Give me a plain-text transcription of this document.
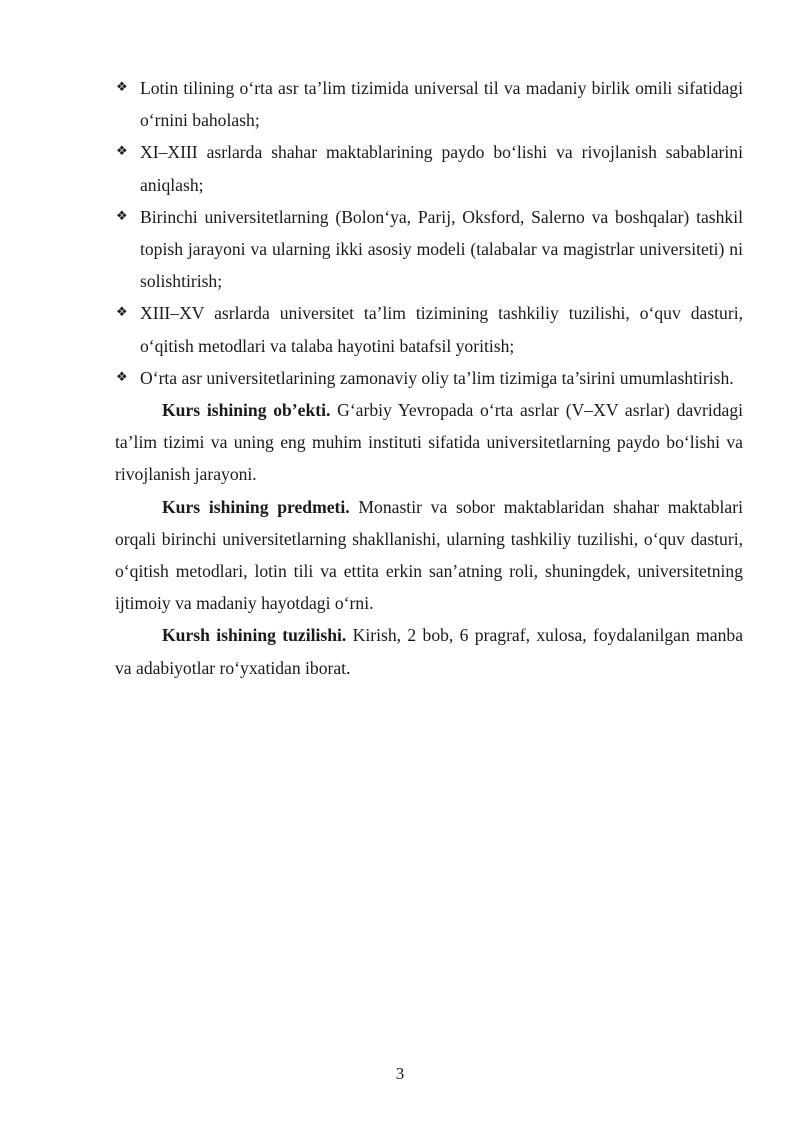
❖ Lotin tilining o‘rta asr ta’lim tizimida universal til va madaniy birlik omili sifatidagi o‘rnini baholash;
❖ XI–XIII asrlarda shahar maktablarining paydo bo‘lishi va rivojlanish sabablarini aniqlash;
❖ Birinchi universitetlarning (Bolon‘ya, Parij, Oksford, Salerno va boshqalar) tashkil topish jarayoni va ularning ikki asosiy modeli (talabalar va magistrlar universiteti) ni solishtirish;
❖ XIII–XV asrlarda universitet ta’lim tizimining tashkiliy tuzilishi, o‘quv dasturi, o‘qitish metodlari va talaba hayotini batafsil yoritish;
❖ O‘rta asr universitetlarining zamonaviy oliy ta’lim tizimiga ta’sirini umumlashtirish.

Kurs ishining ob’ekti. G‘arbiy Yevropada o‘rta asrlar (V–XV asrlar) davridagi ta’lim tizimi va uning eng muhim instituti sifatida universitetlarning paydo bo‘lishi va rivojlanish jarayoni.

Kurs ishining predmeti. Monastir va sobor maktablaridan shahar maktablari orqali birinchi universitetlarning shakllanishi, ularning tashkiliy tuzilishi, o‘quv dasturi, o‘qitish metodlari, lotin tili va ettita erkin san’atning roli, shuningdek, universitetning ijtimoiy va madaniy hayotdagi o‘rni.

Kursh ishining tuzilishi. Kirish, 2 bob, 6 pragraf, xulosa, foydalanilgan manba va adabiyotlar ro‘yxatidan iborat.

3
